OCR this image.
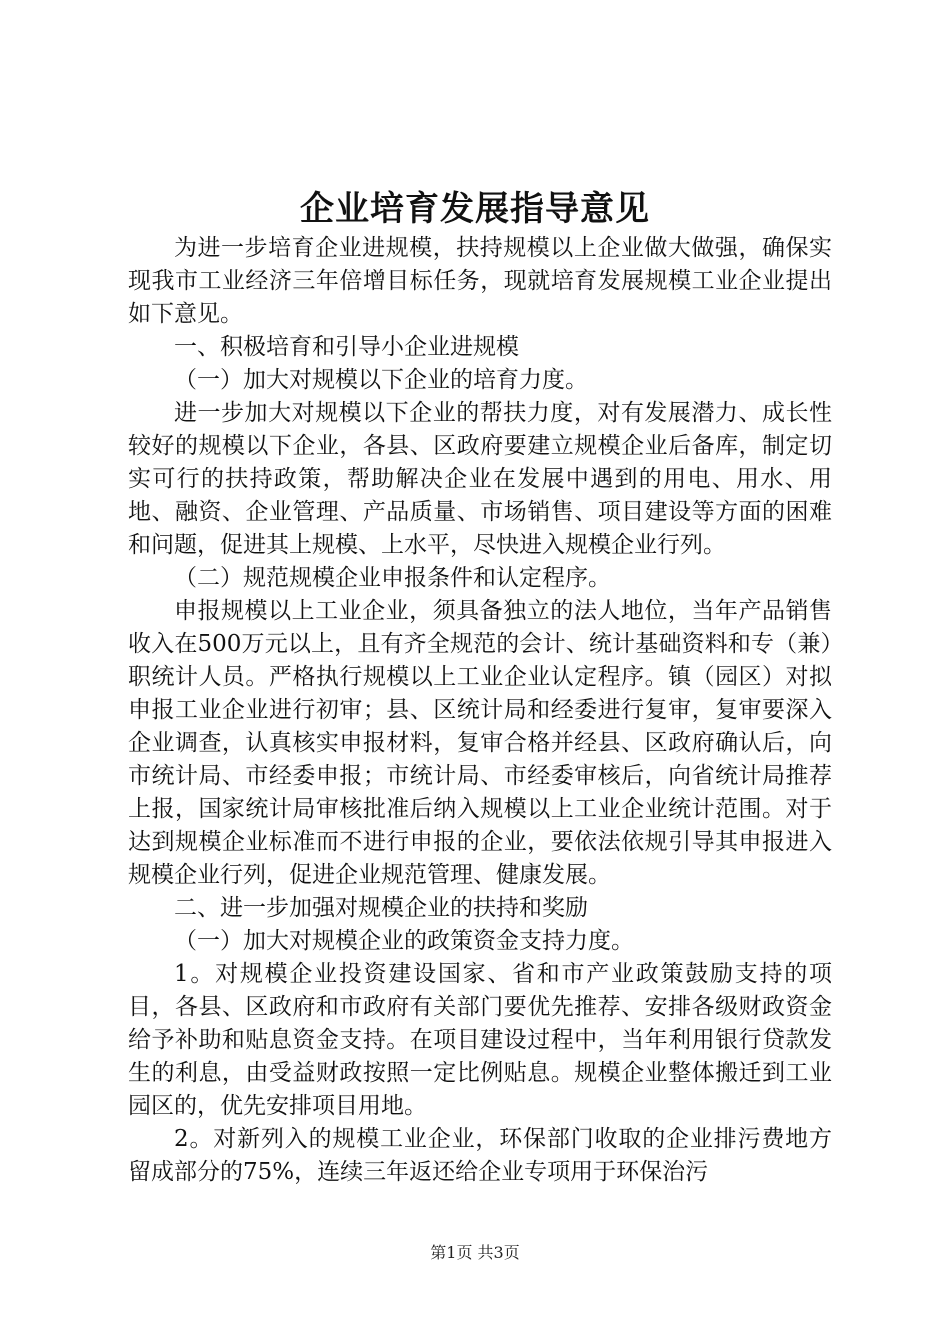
企业培育发展指导意见

为进一步培育企业进规模，扶持规模以上企业做大做强，确保实现我市工业经济三年倍增目标任务，现就培育发展规模工业企业提出如下意见。

一、积极培育和引导小企业进规模

（一）加大对规模以下企业的培育力度。

进一步加大对规模以下企业的帮扶力度，对有发展潜力、成长性较好的规模以下企业，各县、区政府要建立规模企业后备库，制定切实可行的扶持政策，帮助解决企业在发展中遇到的用电、用水、用地、融资、企业管理、产品质量、市场销售、项目建设等方面的困难和问题，促进其上规模、上水平，尽快进入规模企业行列。

（二）规范规模企业申报条件和认定程序。

申报规模以上工业企业，须具备独立的法人地位，当年产品销售收入在500万元以上，且有齐全规范的会计、统计基础资料和专（兼）职统计人员。严格执行规模以上工业企业认定程序。镇（园区）对拟申报工业企业进行初审；县、区统计局和经委进行复审，复审要深入企业调查，认真核实申报材料，复审合格并经县、区政府确认后，向市统计局、市经委申报；市统计局、市经委审核后，向省统计局推荐上报，国家统计局审核批准后纳入规模以上工业企业统计范围。对于达到规模企业标准而不进行申报的企业，要依法依规引导其申报进入规模企业行列，促进企业规范管理、健康发展。

二、进一步加强对规模企业的扶持和奖励

（一）加大对规模企业的政策资金支持力度。

1。对规模企业投资建设国家、省和市产业政策鼓励支持的项目，各县、区政府和市政府有关部门要优先推荐、安排各级财政资金给予补助和贴息资金支持。在项目建设过程中，当年利用银行贷款发生的利息，由受益财政按照一定比例贴息。规模企业整体搬迁到工业园区的，优先安排项目用地。

2。对新列入的规模工业企业，环保部门收取的企业排污费地方留成部分的75%，连续三年返还给企业专项用于环保治污

第1页 共3页
